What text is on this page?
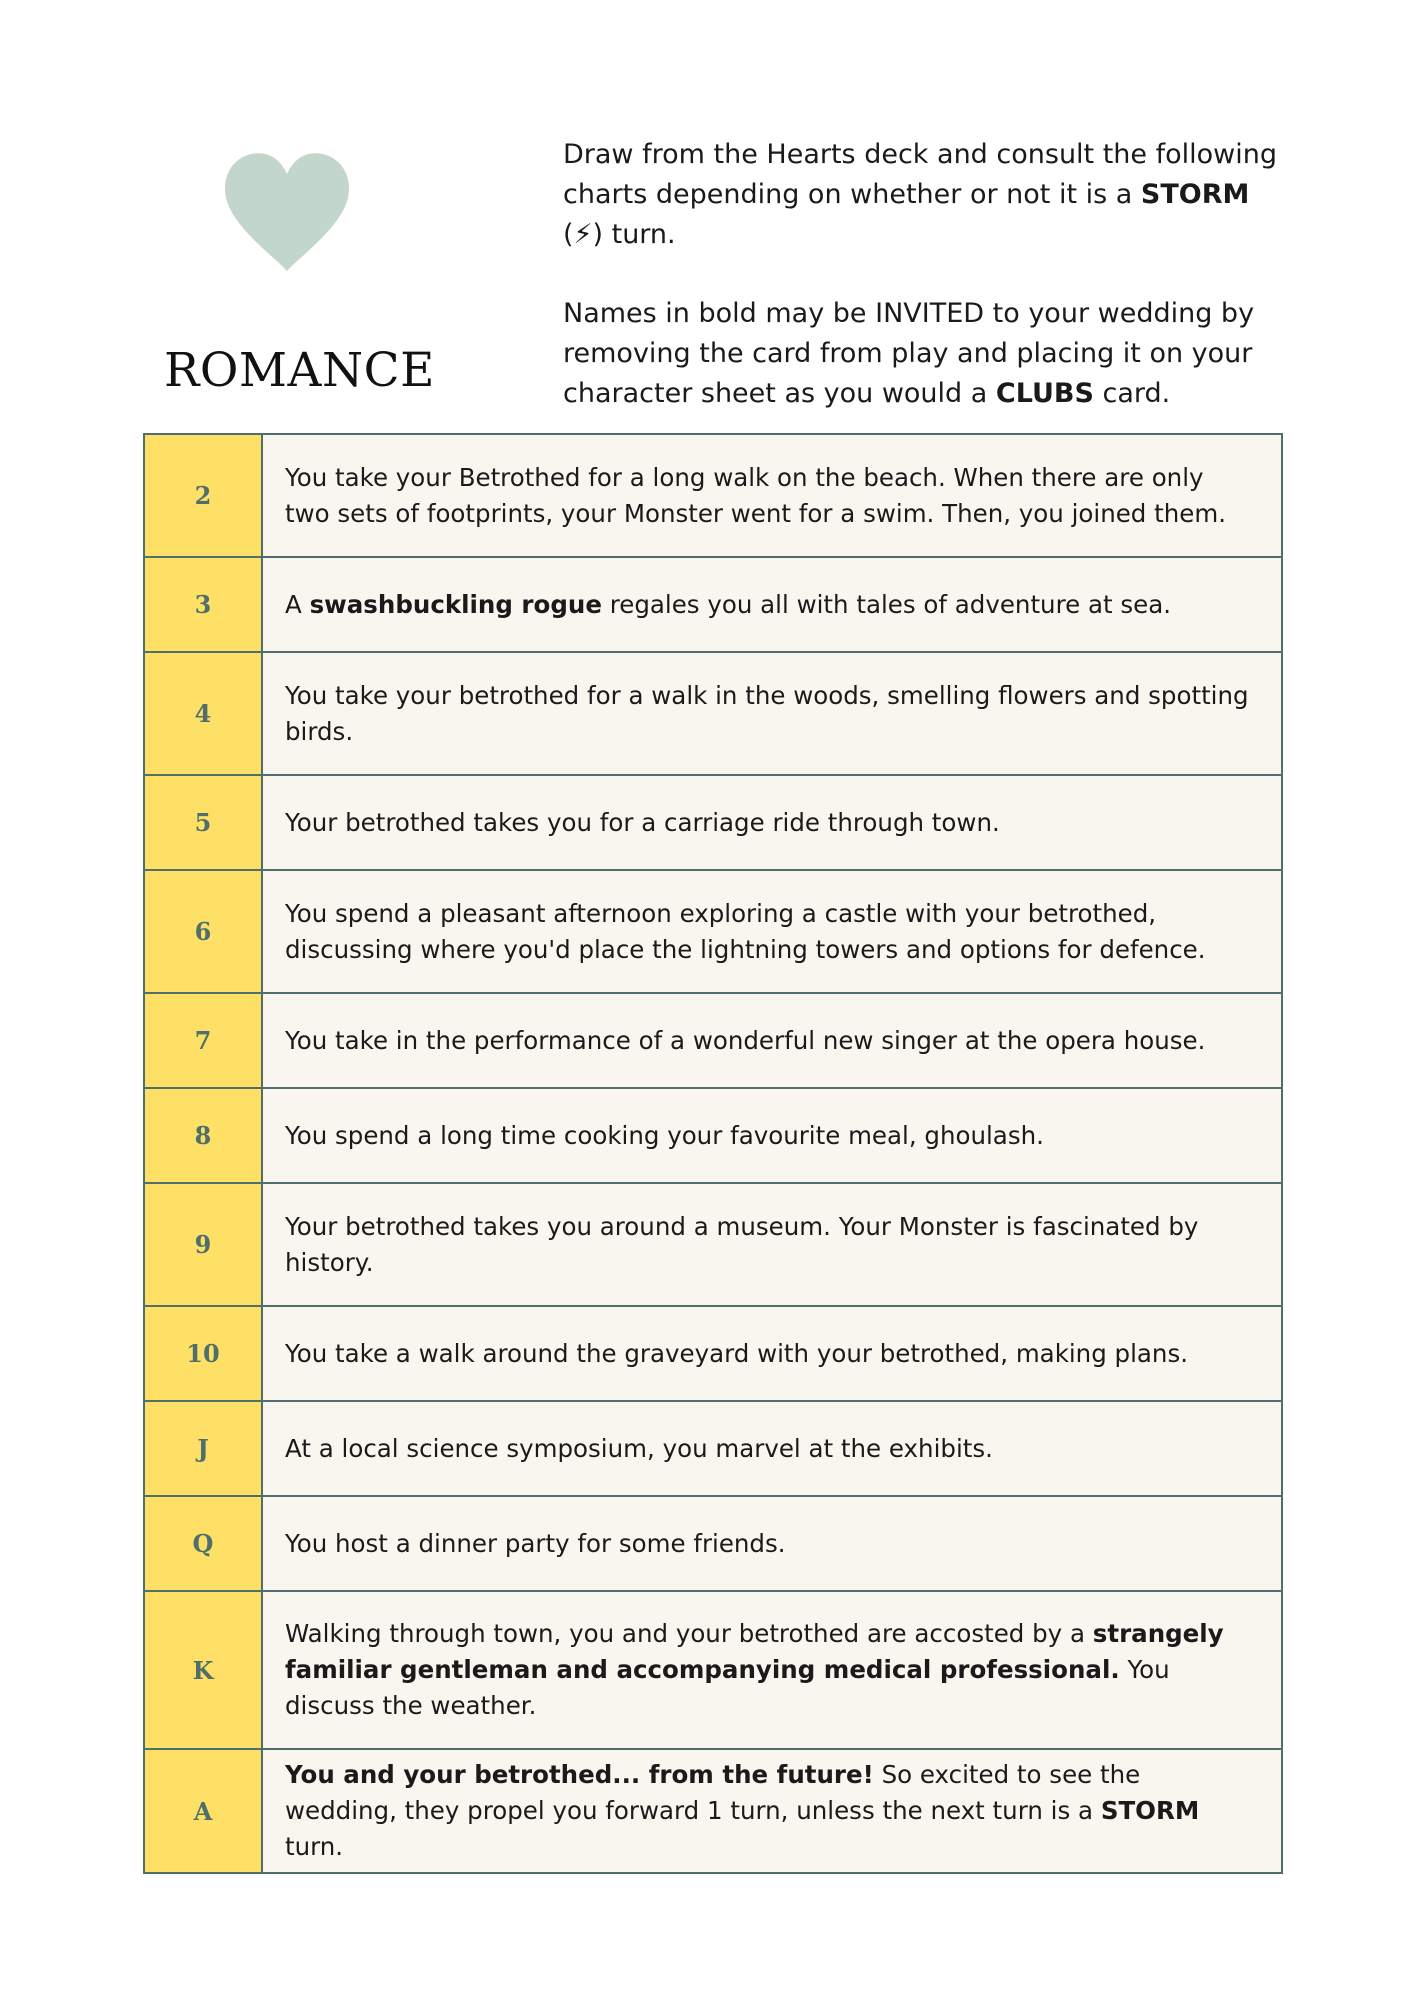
ROMANCE

Draw from the Hearts deck and consult the following charts depending on whether or not it is a STORM (⚡) turn.

Names in bold may be INVITED to your wedding by removing the card from play and placing it on your character sheet as you would a CLUBS card.

2	You take your Betrothed for a long walk on the beach. When there are only two sets of footprints, your Monster went for a swim. Then, you joined them.
3	A swashbuckling rogue regales you all with tales of adventure at sea.
4	You take your betrothed for a walk in the woods, smelling flowers and spotting birds.
5	Your betrothed takes you for a carriage ride through town.
6	You spend a pleasant afternoon exploring a castle with your betrothed, discussing where you'd place the lightning towers and options for defence.
7	You take in the performance of a wonderful new singer at the opera house.
8	You spend a long time cooking your favourite meal, ghoulash.
9	Your betrothed takes you around a museum. Your Monster is fascinated by history.
10	You take a walk around the graveyard with your betrothed, making plans.
J	At a local science symposium, you marvel at the exhibits.
Q	You host a dinner party for some friends.
K	Walking through town, you and your betrothed are accosted by a strangely familiar gentleman and accompanying medical professional. You discuss the weather.
A	You and your betrothed... from the future! So excited to see the wedding, they propel you forward 1 turn, unless the next turn is a STORM turn.
